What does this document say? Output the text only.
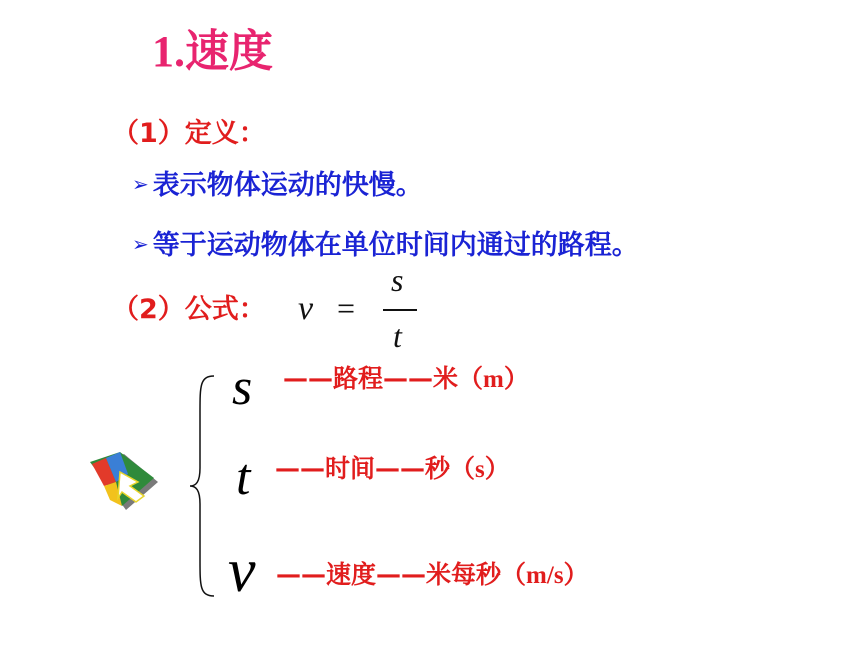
1.速度
（1）定义：
➢ 表示物体运动的快慢。
➢ 等于运动物体在单位时间内通过的路程。
（2）公式： v =
s
t
s ——路程——米（m）
t ——时间——秒（s）
v ——速度——米每秒（m/s）
